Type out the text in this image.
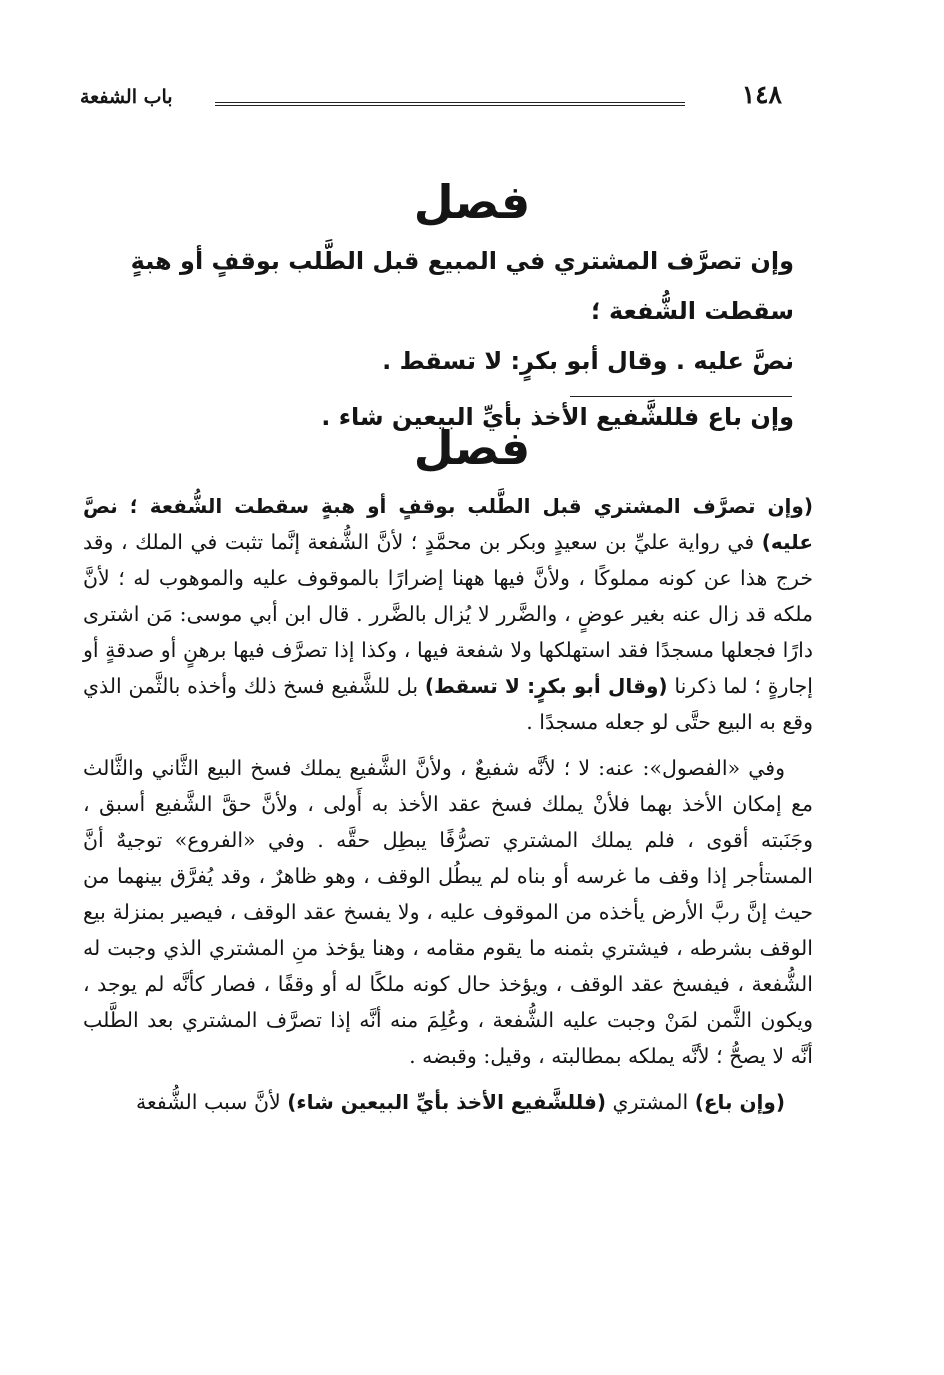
١٤٨
باب الشفعة
فصل

وإن تصرَّف المشتري في المبيع قبل الطَّلب بوقفٍ أو هبةٍ سقطت الشُّفعة ؛

نصَّ عليه . وقال أبو بكرٍ: لا تسقط .

وإن باع فللشَّفيع الأخذ بأيِّ البيعين شاء .

فصل

(وإن تصرَّف المشتري قبل الطَّلب بوقفٍ أو هبةٍ سقطت الشُّفعة ؛ نصَّ عليه) في رواية عليِّ بن سعيدٍ وبكر بن محمَّدٍ ؛ لأنَّ الشُّفعة إنَّما تثبت في الملك ، وقد خرج هذا عن كونه مملوكًا ، ولأنَّ فيها ههنا إضرارًا بالموقوف عليه والموهوب له ؛ لأنَّ ملكه قد زال عنه بغير عوضٍ ، والضَّرر لا يُزال بالضَّرر . قال ابن أبي موسى: مَن اشترى دارًا فجعلها مسجدًا فقد استهلكها ولا شفعة فيها ، وكذا إذا تصرَّف فيها برهنٍ أو صدقةٍ أو إجارةٍ ؛ لما ذكرنا (وقال أبو بكرٍ: لا تسقط) بل للشَّفيع فسخ ذلك وأخذه بالثَّمن الذي وقع به البيع حتَّى لو جعله مسجدًا .

وفي «الفصول»: عنه: لا ؛ لأنَّه شفيعٌ ، ولأنَّ الشَّفيع يملك فسخ البيع الثَّاني والثَّالث مع إمكان الأخذ بهما فلأنْ يملك فسخ عقد الأخذ به أَولى ، ولأنَّ حقَّ الشَّفيع أسبق ، وجَنَبته أقوى ، فلم يملك المشتري تصرُّفًا يبطِل حقَّه . وفي «الفروع» توجيهٌ أنَّ المستأجر إذا وقف ما غرسه أو بناه لم يبطُل الوقف ، وهو ظاهرٌ ، وقد يُفرَّق بينهما من حيث إنَّ ربَّ الأرض يأخذه من الموقوف عليه ، ولا يفسخ عقد الوقف ، فيصير بمنزلة بيع الوقف بشرطه ، فيشتري بثمنه ما يقوم مقامه ، وهنا يؤخذ منِ المشتري الذي وجبت له الشُّفعة ، فيفسخ عقد الوقف ، ويؤخذ حال كونه ملكًا له أو وقفًا ، فصار كأنَّه لم يوجد ، ويكون الثَّمن لمَنْ وجبت عليه الشُّفعة ، وعُلِمَ منه أنَّه إذا تصرَّف المشتري بعد الطَّلب أنَّه لا يصحُّ ؛ لأنَّه يملكه بمطالبته ، وقيل: وقبضه .

(وإن باع) المشتري (فللشَّفيع الأخذ بأيِّ البيعين شاء) لأنَّ سبب الشُّفعة
